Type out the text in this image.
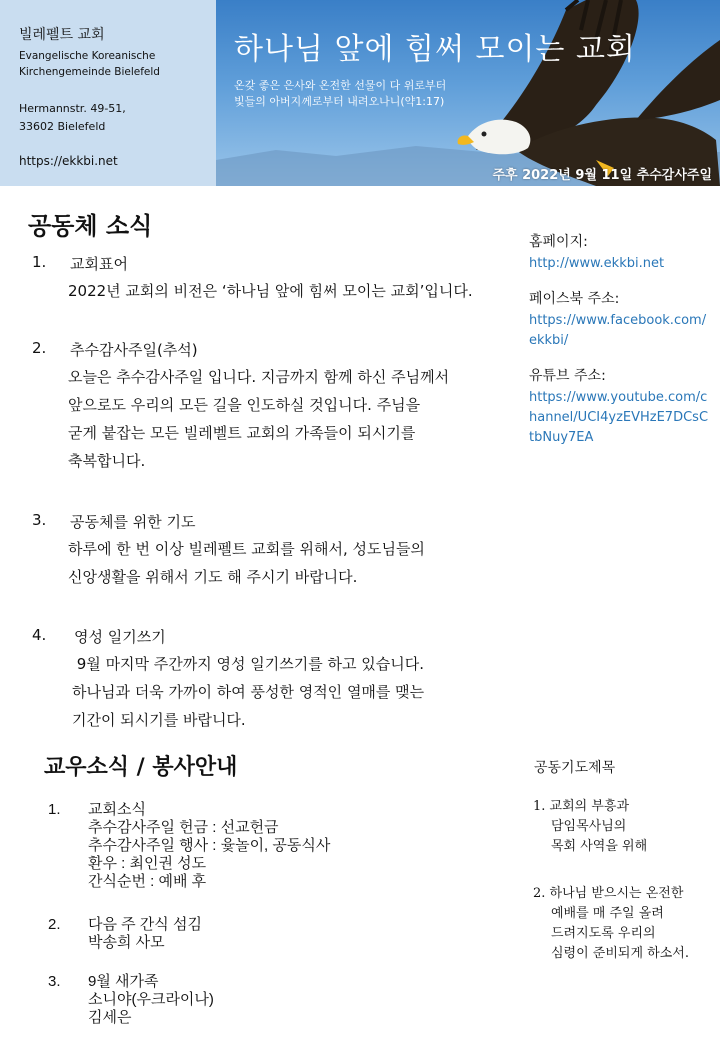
빌레펠트 교회
Evangelische Koreanische
Kirchengemeinde Bielefeld
Hermannstr. 49-51,
33602 Bielefeld
https://ekkbi.net
하나님 앞에 힘써 모이는 교회
온갖 좋은 은사와 온전한 선물이 다 위로부터
빛들의 아버지께로부터 내려오나니(약1:17)
주후 2022년 9월 11일 추수감사주일
공동체 소식
1. 교회표어
2022년 교회의 비전은 ‘하나님 앞에 힘써 모이는 교회’입니다.
2. 추수감사주일(추석)
오늘은 추수감사주일 입니다. 지금까지 함께 하신 주님께서
앞으로도 우리의 모든 길을 인도하실 것입니다. 주님을
굳게 붙잡는 모든 빌레벨트 교회의 가족들이 되시기를
축복합니다.
3. 공동체를 위한 기도
하루에 한 번 이상 빌레펠트 교회를 위해서, 성도님들의
신앙생활을 위해서 기도 해 주시기 바랍니다.
4. 영성 일기쓰기
9월 마지막 주간까지 영성 일기쓰기를 하고 있습니다.
하나님과 더욱 가까이 하여 풍성한 영적인 열매를 맺는
기간이 되시기를 바랍니다.
홈페이지:
http://www.ekkbi.net
페이스북 주소:
https://www.facebook.com/ekkbi/
유튜브 주소:
https://www.youtube.com/channel/UCI4yzEVHzE7DCsCtbNuy7EA
교우소식 / 봉사안내
1. 교회소식
추수감사주일 헌금 : 선교헌금
추수감사주일 행사 : 윷놀이, 공동식사
환우 : 최인권 성도
간식순번 : 예배 후
2. 다음 주 간식 섬김
박송희 사모
3. 9월 새가족
소니야(우크라이나)
김세은
공동기도제목
1. 교회의 부흥과
담임목사님의
목회 사역을 위해
2. 하나님 받으시는 온전한
예배를 매 주일 올려
드려지도록 우리의
심령이 준비되게 하소서.
